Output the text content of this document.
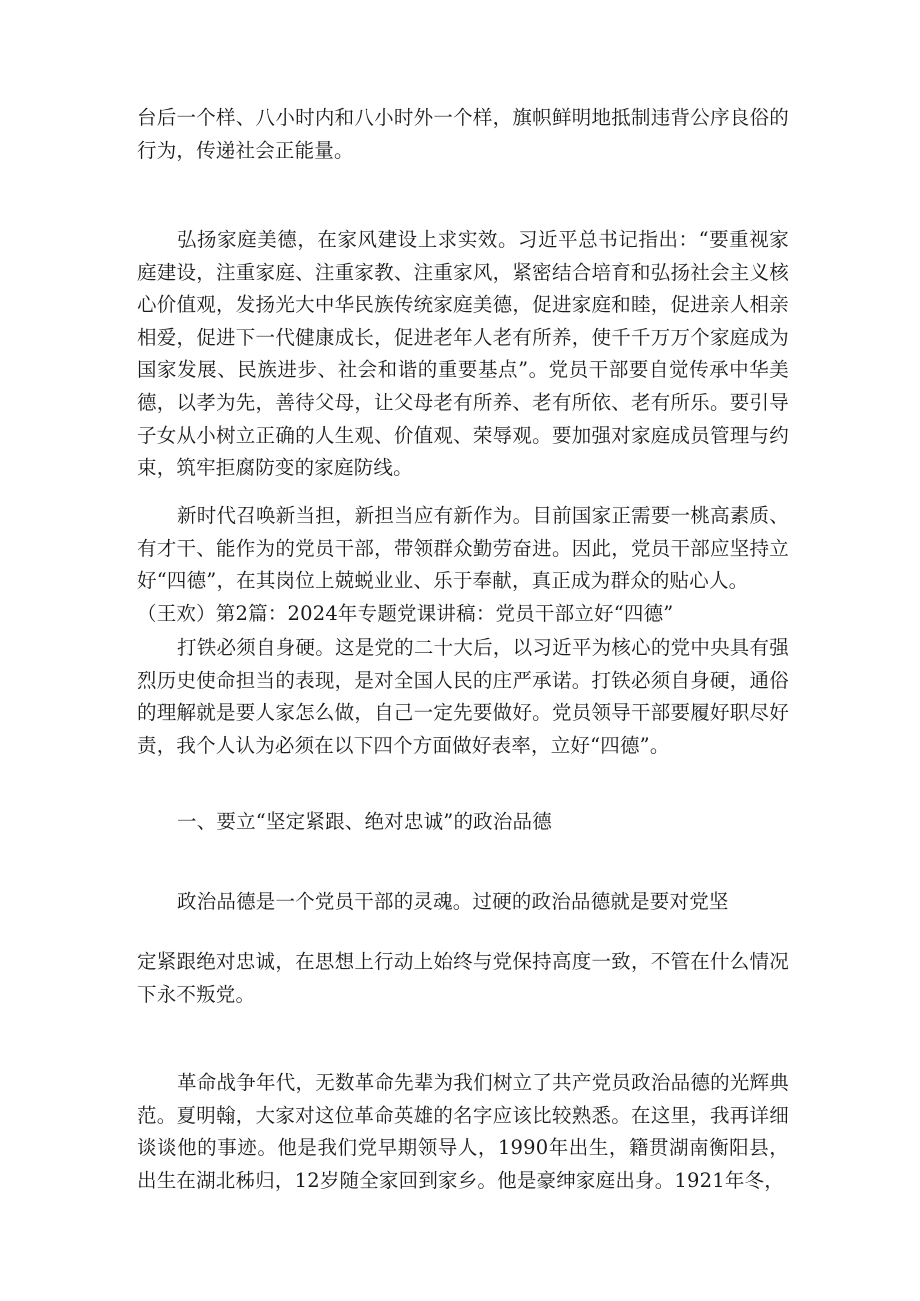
台后一个样、八小时内和八小时外一个样，旗帜鲜明地抵制违背公序良俗的行为，传递社会正能量。

弘扬家庭美德，在家风建设上求实效。习近平总书记指出：“要重视家庭建设，注重家庭、注重家教、注重家风，紧密结合培育和弘扬社会主义核心价值观，发扬光大中华民族传统家庭美德，促进家庭和睦，促进亲人相亲相爱，促进下一代健康成长，促进老年人老有所养，使千千万万个家庭成为国家发展、民族进步、社会和谐的重要基点”。党员干部要自觉传承中华美德，以孝为先，善待父母，让父母老有所养、老有所依、老有所乐。要引导子女从小树立正确的人生观、价值观、荣辱观。要加强对家庭成员管理与约束，筑牢拒腐防变的家庭防线。

新时代召唤新当担，新担当应有新作为。目前国家正需要一桃高素质、有才干、能作为的党员干部，带领群众勤劳奋进。因此，党员干部应坚持立好“四德”，在其岗位上兢蜕业业、乐于奉献，真正成为群众的贴心人。

（王欢）第2篇：2024年专题党课讲稿：党员干部立好“四德”

打铁必须自身硬。这是党的二十大后，以习近平为核心的党中央具有强烈历史使命担当的表现，是对全国人民的庄严承诺。打铁必须自身硬，通俗的理解就是要人家怎么做，自己一定先要做好。党员领导干部要履好职尽好责，我个人认为必须在以下四个方面做好表率，立好“四德”。

一、要立“坚定紧跟、绝对忠诚”的政治品德

政治品德是一个党员干部的灵魂。过硬的政治品德就是要对党坚

定紧跟绝对忠诚，在思想上行动上始终与党保持高度一致，不管在什么情况下永不叛党。

革命战争年代，无数革命先辈为我们树立了共产党员政治品德的光辉典范。夏明翰，大家对这位革命英雄的名字应该比较熟悉。在这里，我再详细谈谈他的事迹。他是我们党早期领导人，1990年出生，籍贯湖南衡阳县，出生在湖北秭归，12岁随全家回到家乡。他是豪绅家庭出身。1921年冬，
